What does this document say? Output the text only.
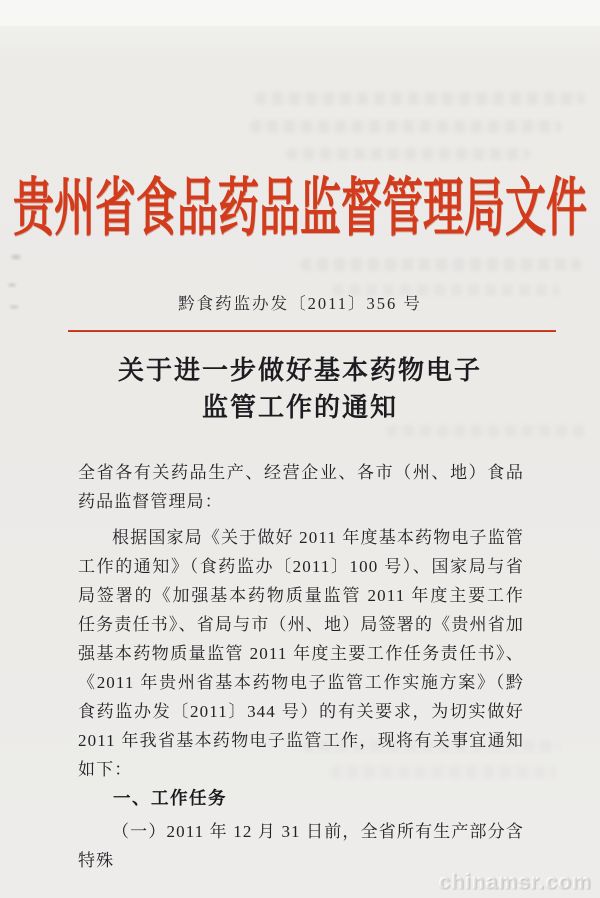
贵州省食品药品监督管理局文件
黔食药监办发〔2011〕356 号
关于进一步做好基本药物电子
监管工作的通知

全省各有关药品生产、经营企业、各市（州、地）食品药品监督管理局：

根据国家局《关于做好 2011 年度基本药物电子监管工作的通知》（食药监办〔2011〕100 号）、国家局与省局签署的《加强基本药物质量监管 2011 年度主要工作任务责任书》、省局与市（州、地）局签署的《贵州省加强基本药物质量监管 2011 年度主要工作任务责任书》、《2011 年贵州省基本药物电子监管工作实施方案》（黔食药监办发〔2011〕344 号）的有关要求，为切实做好 2011 年我省基本药物电子监管工作，现将有关事宜通知如下：

一、工作任务

（一）2011 年 12 月 31 日前，全省所有生产部分含特殊

chinamsr.com
